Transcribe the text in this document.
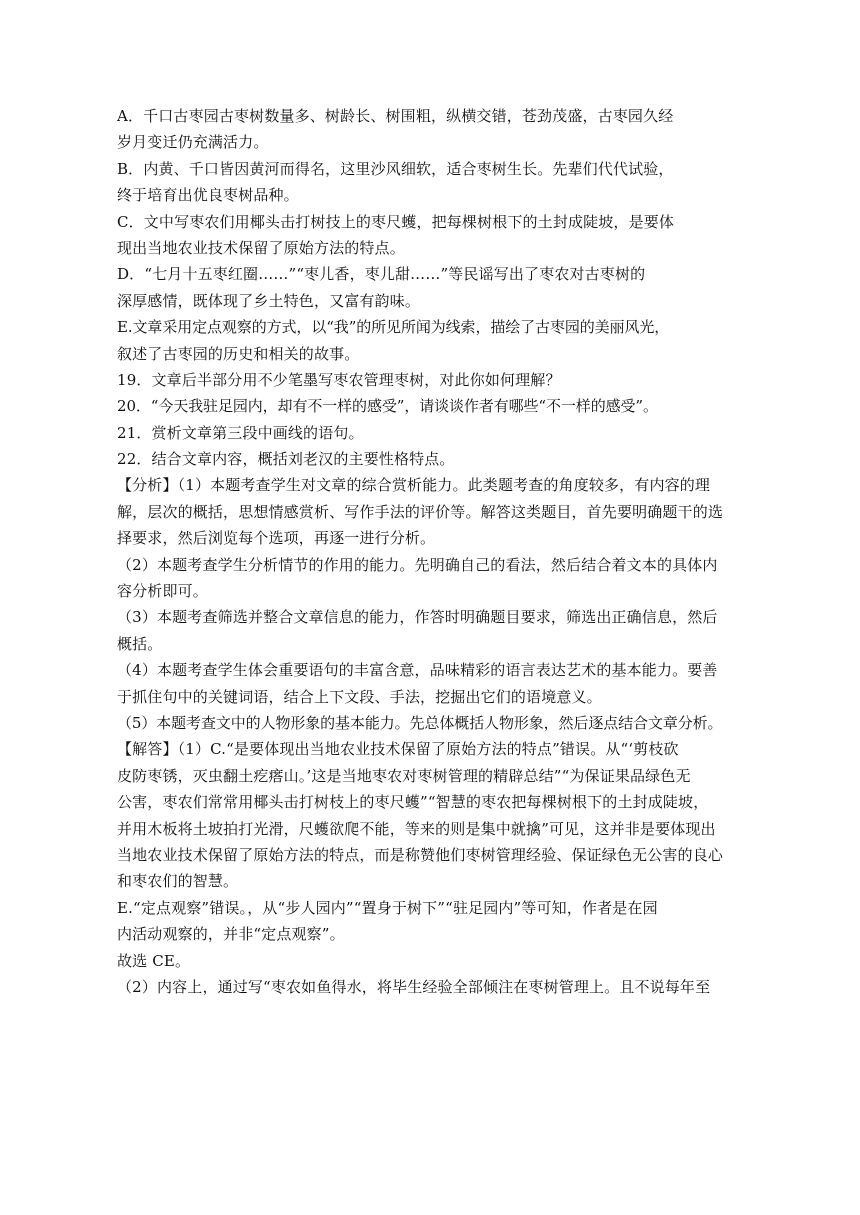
A．千口古枣园古枣树数量多、树龄长、树围粗，纵横交错，苍劲茂盛，古枣园久经
岁月变迁仍充满活力。
B．内黄、千口皆因黄河而得名，这里沙风细软，适合枣树生长。先辈们代代试验，
终于培育出优良枣树品种。
C．文中写枣农们用椰头击打树技上的枣尺蠖，把每棵树根下的土封成陡坡，是要体
现出当地农业技术保留了原始方法的特点。
D．“七月十五枣红圈……”“枣儿香，枣儿甜……”等民谣写出了枣农对古枣树的
深厚感情，既体现了乡土特色，又富有韵味。
E.文章采用定点观察的方式，以“我”的所见所闻为线索，描绘了古枣园的美丽风光，
叙述了古枣园的历史和相关的故事。
19．文章后半部分用不少笔墨写枣农管理枣树，对此你如何理解？
20．“今天我驻足园内，却有不一样的感受”，请谈谈作者有哪些“不一样的感受”。
21．赏析文章第三段中画线的语句。
22．结合文章内容，概括刘老汉的主要性格特点。
【分析】（1）本题考查学生对文章的综合赏析能力。此类题考查的角度较多，有内容的理
解，层次的概括，思想情感赏析、写作手法的评价等。解答这类题目，首先要明确题干的选
择要求，然后浏览每个选项，再逐一进行分析。
（2）本题考查学生分析情节的作用的能力。先明确自己的看法，然后结合着文本的具体内
容分析即可。
（3）本题考查筛选并整合文章信息的能力，作答时明确题目要求，筛选出正确信息，然后
概括。
（4）本题考查学生体会重要语句的丰富含意，品味精彩的语言表达艺术的基本能力。要善
于抓住句中的关键词语，结合上下文段、手法，挖掘出它们的语境意义。
（5）本题考查文中的人物形象的基本能力。先总体概括人物形象，然后逐点结合文章分析。
【解答】（1）C.“是要体现出当地农业技术保留了原始方法的特点”错误。从“‘剪枝砍
皮防枣锈，灭虫翻土疙瘩山。’这是当地枣农对枣树管理的精辟总结”“为保证果品绿色无
公害，枣农们常常用椰头击打树枝上的枣尺蠖”“智慧的枣农把每棵树根下的土封成陡坡，
并用木板将土坡拍打光滑，尺蠖欲爬不能，等来的则是集中就擒”可见，这并非是要体现出
当地农业技术保留了原始方法的特点，而是称赞他们枣树管理经验、保证绿色无公害的良心
和枣农们的智慧。
E.“定点观察”错误。，从“步人园内”“置身于树下”“驻足园内”等可知，作者是在园
内活动观察的，并非“定点观察”。
故选 CE。
（2）内容上，通过写“枣农如鱼得水，将毕生经验全部倾注在枣树管理上。且不说每年至
